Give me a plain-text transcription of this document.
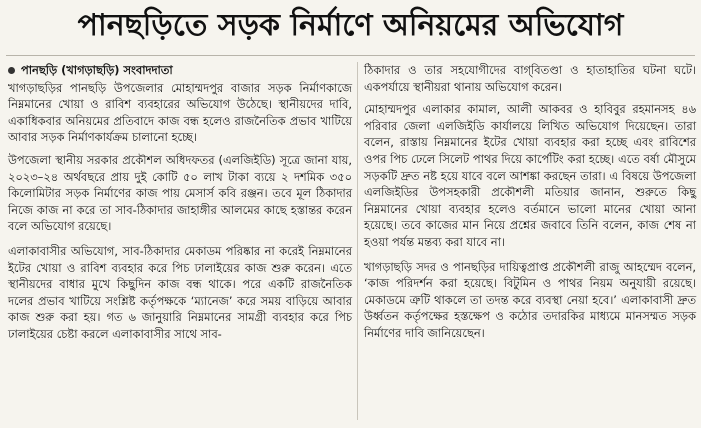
পানছড়িতে সড়ক নির্মাণে অনিয়মের অভিযোগ
পানছড়ি (খাগড়াছড়ি) সংবাদদাতা

খাগড়াছড়ির পানছড়ি উপজেলার মোহাম্মদপুর বাজার সড়ক নির্মাণকাজে নিম্নমানের খোয়া ও রাবিশ ব্যবহারের অভিযোগ উঠেছে। স্থানীয়দের দাবি, একাধিকবার অনিয়মের প্রতিবাদে কাজ বন্ধ হলেও রাজনৈতিক প্রভাব খাটিয়ে আবার সড়ক নির্মাণকার্যক্রম চালানো হচ্ছে।

উপজেলা স্থানীয় সরকার প্রকৌশল অধিদফতর (এলজিইডি) সূত্রে জানা যায়, ২০২৩–২৪ অর্থবছরে প্রায় দুই কোটি ৫০ লাখ টাকা ব্যয়ে ২ দশমিক ৩৫০ কিলোমিটার সড়ক নির্মাণের কাজ পায় মেসার্স কবি রঞ্জন। তবে মূল ঠিকাদার নিজে কাজ না করে তা সাব-ঠিকাদার জাহাঙ্গীর আলমের কাছে হস্তান্তর করেন বলে অভিযোগ রয়েছে।

এলাকাবাসীর অভিযোগ, সাব-ঠিকাদার মেকাডম পরিষ্কার না করেই নিম্নমানের ইটের খোয়া ও রাবিশ ব্যবহার করে পিচ ঢালাইয়ের কাজ শুরু করেন। এতে স্থানীয়দের বাধার মুখে কিছুদিন কাজ বন্ধ থাকে। পরে একটি রাজনৈতিক দলের প্রভাব খাটিয়ে সংশ্লিষ্ট কর্তৃপক্ষকে ‘ম্যানেজ’ করে সময় বাড়িয়ে আবার কাজ শুরু করা হয়। গত ৬ জানুয়ারি নিম্নমানের সামগ্রী ব্যবহার করে পিচ ঢালাইয়ের চেষ্টা করলে এলাকাবাসীর সাথে সাব-

ঠিকাদার ও তার সহযোগীদের বাগ্‌বিতণ্ডা ও হাতাহাতির ঘটনা ঘটে। একপর্যায়ে স্থানীয়রা থানায় অভিযোগ করেন।

মোহাম্মদপুর এলাকার কামাল, আলী আকবর ও হাবিবুর রহমানসহ ৪৬ পরিবার জেলা এলজিইডি কার্যালয়ে লিখিত অভিযোগ দিয়েছেন। তারা বলেন, রাস্তায় নিম্নমানের ইটের খোয়া ব্যবহার করা হচ্ছে এবং রাবিশের ওপর পিচ ঢেলে সিলেট পাথর দিয়ে কার্পেটিং করা হচ্ছে। এতে বর্ষা মৌসুমে সড়কটি দ্রুত নষ্ট হয়ে যাবে বলে আশঙ্কা করছেন তারা। এ বিষয়ে উপজেলা এলজিইডির উপসহকারী প্রকৌশলী মতিয়ার জানান, শুরুতে কিছু নিম্নমানের খোয়া ব্যবহার হলেও বর্তমানে ভালো মানের খোয়া আনা হয়েছে। তবে কাজের মান নিয়ে প্রশ্নের জবাবে তিনি বলেন, কাজ শেষ না হওয়া পর্যন্ত মন্তব্য করা যাবে না।

খাগড়াছড়ি সদর ও পানছড়ির দায়িত্বপ্রাপ্ত প্রকৌশলী রাজু আহম্মেদ বলেন, ‘কাজ পরিদর্শন করা হয়েছে। বিটুমিন ও পাথর নিয়ম অনুযায়ী রয়েছে। মেকাডমে ত্রুটি থাকলে তা তদন্ত করে ব্যবস্থা নেয়া হবে।’ এলাকাবাসী দ্রুত উর্ধ্বতন কর্তৃপক্ষের হস্তক্ষেপ ও কঠোর তদারকির মাধ্যমে মানসম্মত সড়ক নির্মাণের দাবি জানিয়েছেন।
